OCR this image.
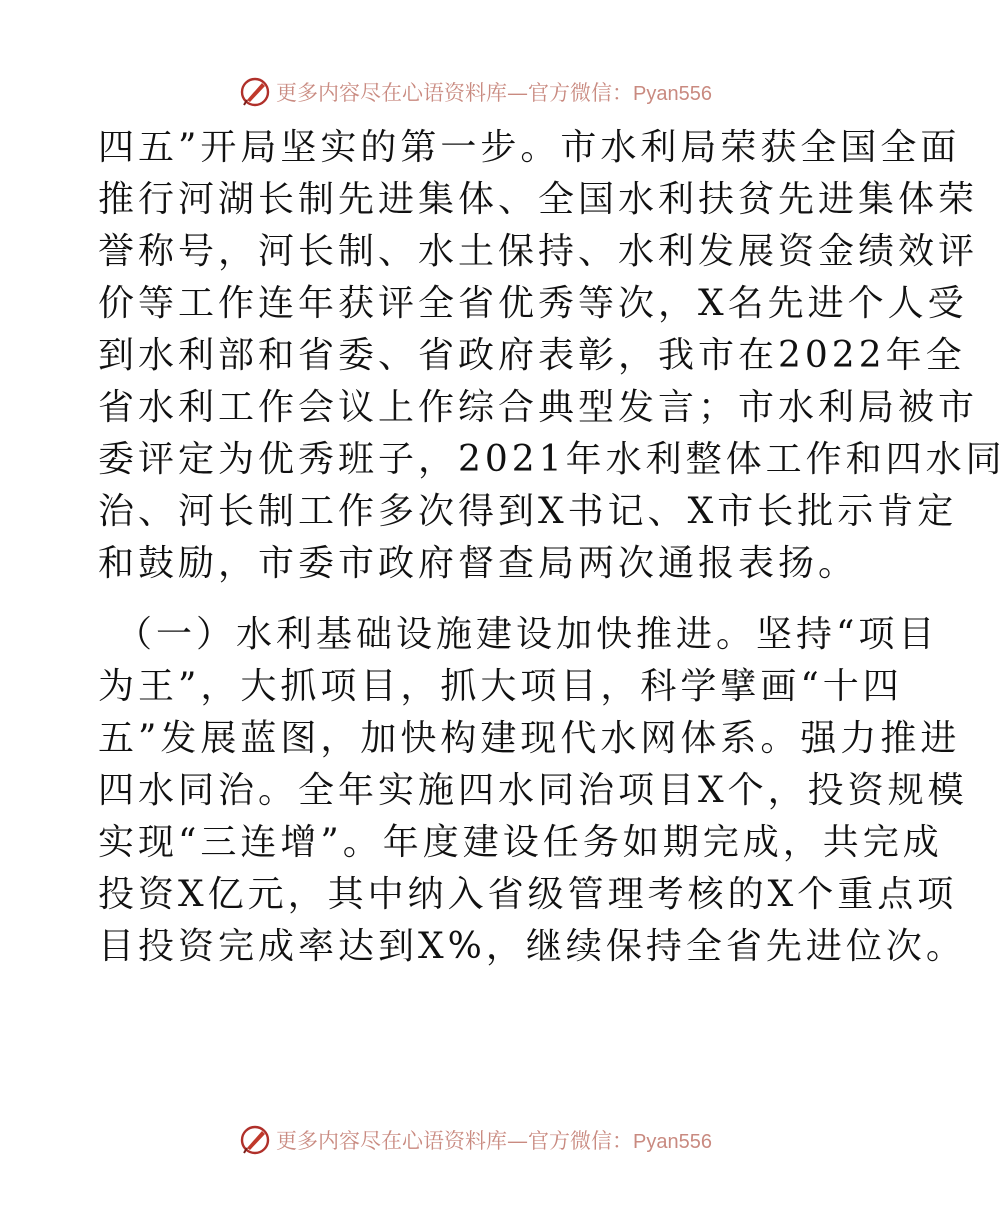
更多内容尽在心语资料库—官方微信：Pyan556
四五”开局坚实的第一步。市水利局荣获全国全面
推行河湖长制先进集体、全国水利扶贫先进集体荣
誉称号，河长制、水土保持、水利发展资金绩效评
价等工作连年获评全省优秀等次，X名先进个人受
到水利部和省委、省政府表彰，我市在2022年全
省水利工作会议上作综合典型发言；市水利局被市
委评定为优秀班子，2021年水利整体工作和四水同
治、河长制工作多次得到X书记、X市长批示肯定
和鼓励，市委市政府督查局两次通报表扬。
（一）水利基础设施建设加快推进。坚持“项目
为王”，大抓项目，抓大项目，科学擘画“十四
五”发展蓝图，加快构建现代水网体系。强力推进
四水同治。全年实施四水同治项目X个，投资规模
实现“三连增”。年度建设任务如期完成，共完成
投资X亿元，其中纳入省级管理考核的X个重点项
目投资完成率达到X%，继续保持全省先进位次。
更多内容尽在心语资料库—官方微信：Pyan556
